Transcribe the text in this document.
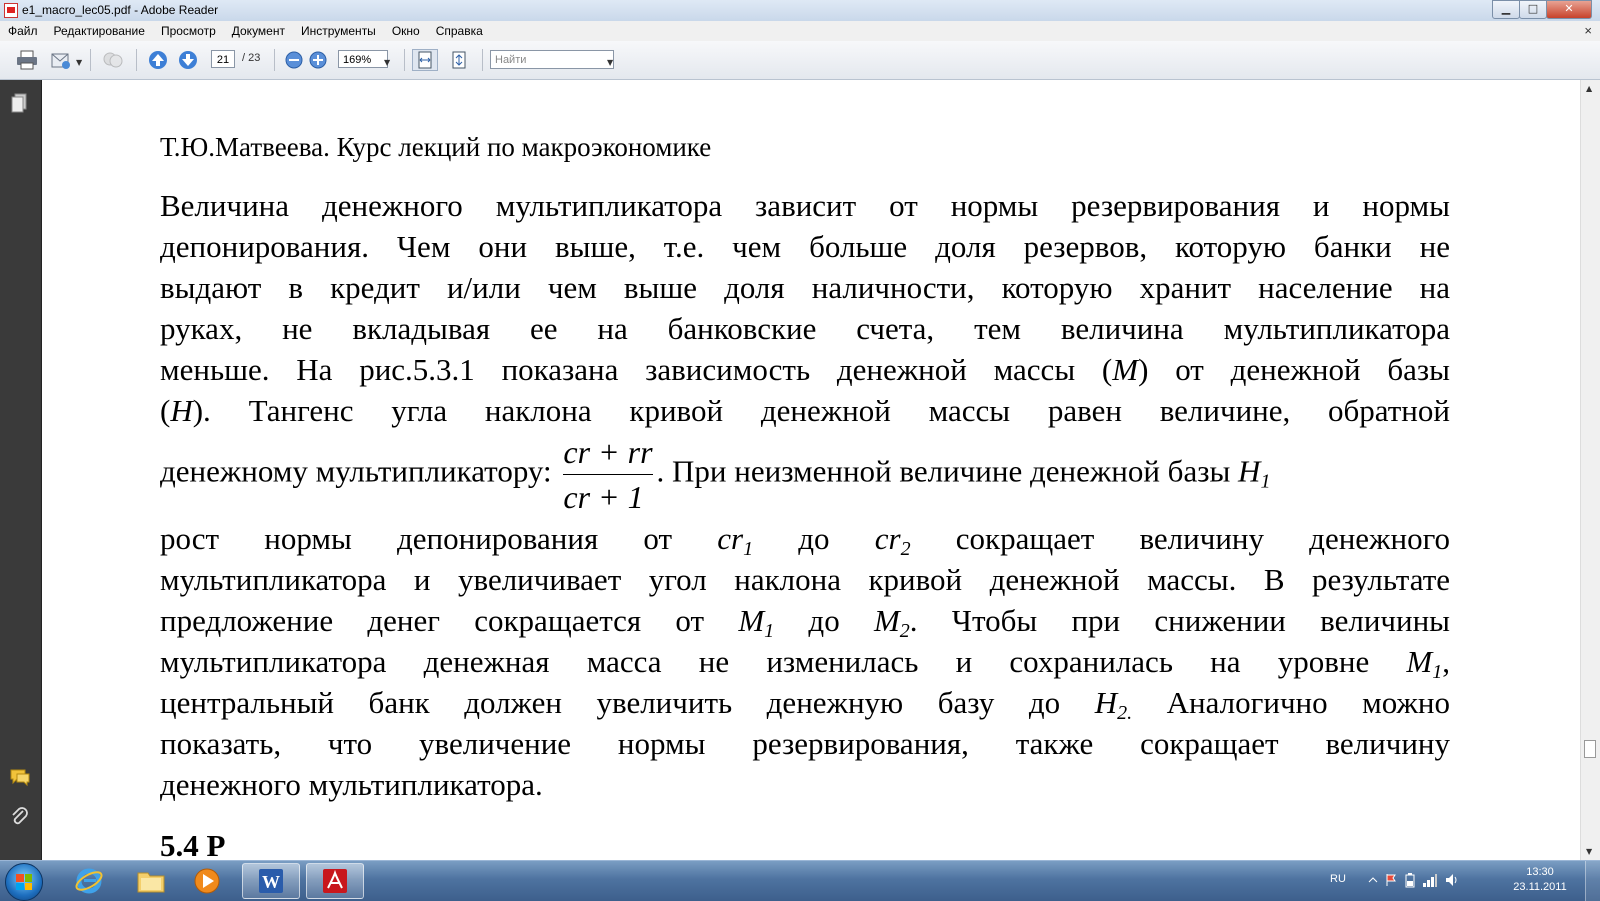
e1_macro_lec05.pdf - Adobe Reader	▁	□	✕
Файл	Редактирование	Просмотр	Документ	Инструменты	Окно	Справка	×
▼	21	/ 23	169%	▼	Найти	▼
Т.Ю.Матвеева. Курс лекций по макроэкономике
Величина денежного мультипликатора зависит от нормы резервирования и нормы
депонирования. Чем они выше, т.е. чем больше доля резервов, которую банки не
выдают в кредит и/или чем выше доля наличности, которую хранит население на
руках, не вкладывая ее на банковские счета, тем величина мультипликатора
меньше. На рис.5.3.1 показана зависимость денежной массы (M) от денежной базы
(H). Тангенс угла наклона кривой денежной массы равен величине, обратной
денежному мультипликатору: $\frac{cr + rr}{cr + 1}$ . При неизменной величине денежной базы $H_1$
рост нормы депонирования от $cr_1$ до $cr_2$ сокращает величину денежного
мультипликатора и увеличивает угол наклона кривой денежной массы. В результате
предложение денег сокращается от $M_1$ до $M_2$. Чтобы при снижении величины
мультипликатора денежная масса не изменилась и сохранилась на уровне $M_1$,
центральный банк должен увеличить денежную базу до $H_{2.}$ Аналогично можно
показать, что увеличение нормы резервирования, также сокращает величину
денежного мультипликатора.
5.4 Р
▲
▼
W	RU
13:30
23.11.2011
